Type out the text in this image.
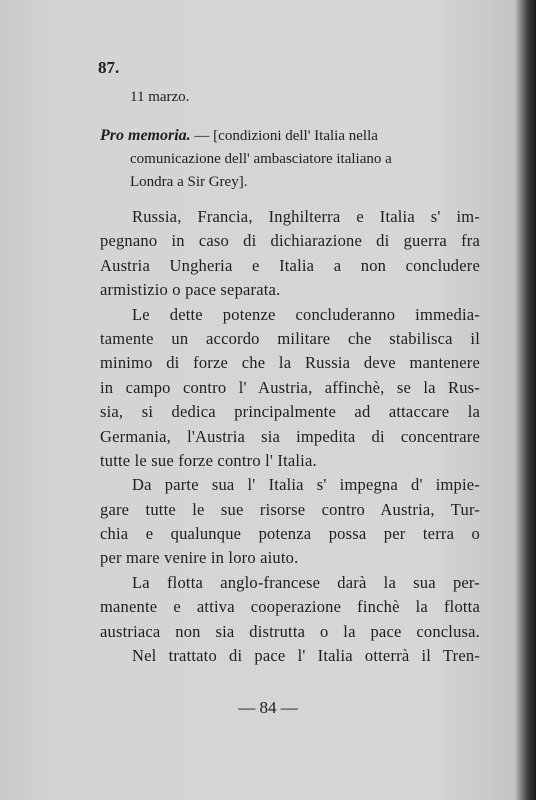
87.
11 marzo.
Pro memoria. — [condizioni dell' Italia nella
comunicazione dell' ambasciatore italiano a
Londra a Sir Grey].
Russia, Francia, Inghilterra e Italia s' im-
pegnano in caso di dichiarazione di guerra fra
Austria Ungheria e Italia a non concludere
armistizio o pace separata.
Le dette potenze concluderanno immedia-
tamente un accordo militare che stabilisca il
minimo di forze che la Russia deve mantenere
in campo contro l' Austria, affinchè, se la Rus-
sia, si dedica principalmente ad attaccare la
Germania, l'Austria sia impedita di concentrare
tutte le sue forze contro l' Italia.
Da parte sua l' Italia s' impegna d' impie-
gare tutte le sue risorse contro Austria, Tur-
chia e qualunque potenza possa per terra o
per mare venire in loro aiuto.
La flotta anglo-francese darà la sua per-
manente e attiva cooperazione finchè la flotta
austriaca non sia distrutta o la pace conclusa.
Nel trattato di pace l' Italia otterrà il Tren-
— 84 —
